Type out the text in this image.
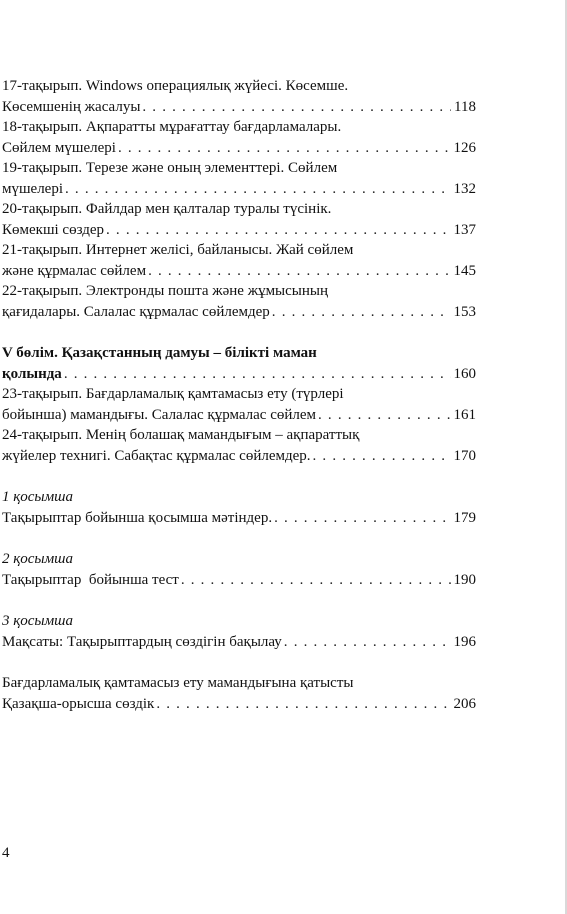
17-тақырып. Windows операциялық жүйесі. Көсемше.
Көсемшенің жасалуы . . .	118
18-тақырып. Ақпаратты мұрағаттау бағдарламалары.
Сөйлем мүшелері . . .	126
19-тақырып. Терезе және оның элементтері. Сөйлем
мүшелері . . .	132
20-тақырып. Файлдар мен қалталар туралы түсінік.
Көмекші сөздер . . .	137
21-тақырып. Интернет желісі, байланысы. Жай сөйлем
және құрмалас сөйлем . . .	145
22-тақырып. Электронды пошта және жұмысының
қағидалары. Салалас құрмалас сөйлемдер . . .	153
V бөлім. Қазақстанның дамуы – білікті маман
қолында . . .	160
23-тақырып. Бағдарламалық қамтамасыз ету (түрлері
бойынша) мамандығы. Салалас құрмалас сөйлем . . .	161
24-тақырып. Менің болашақ мамандығым – ақпараттық
жүйелер технигі. Сабақтас құрмалас сөйлемдер. . . .	170
1 қосымша
Тақырыптар бойынша қосымша мәтіндер. . . .	179
2 қосымша
Тақырыптар  бойынша тест . . .	190
3 қосымша
Мақсаты: Тақырыптардың сөздігін бақылау . . .	196
Бағдарламалық қамтамасыз ету мамандығына қатысты
Қазақша-орысша сөздік . . .	206
4
